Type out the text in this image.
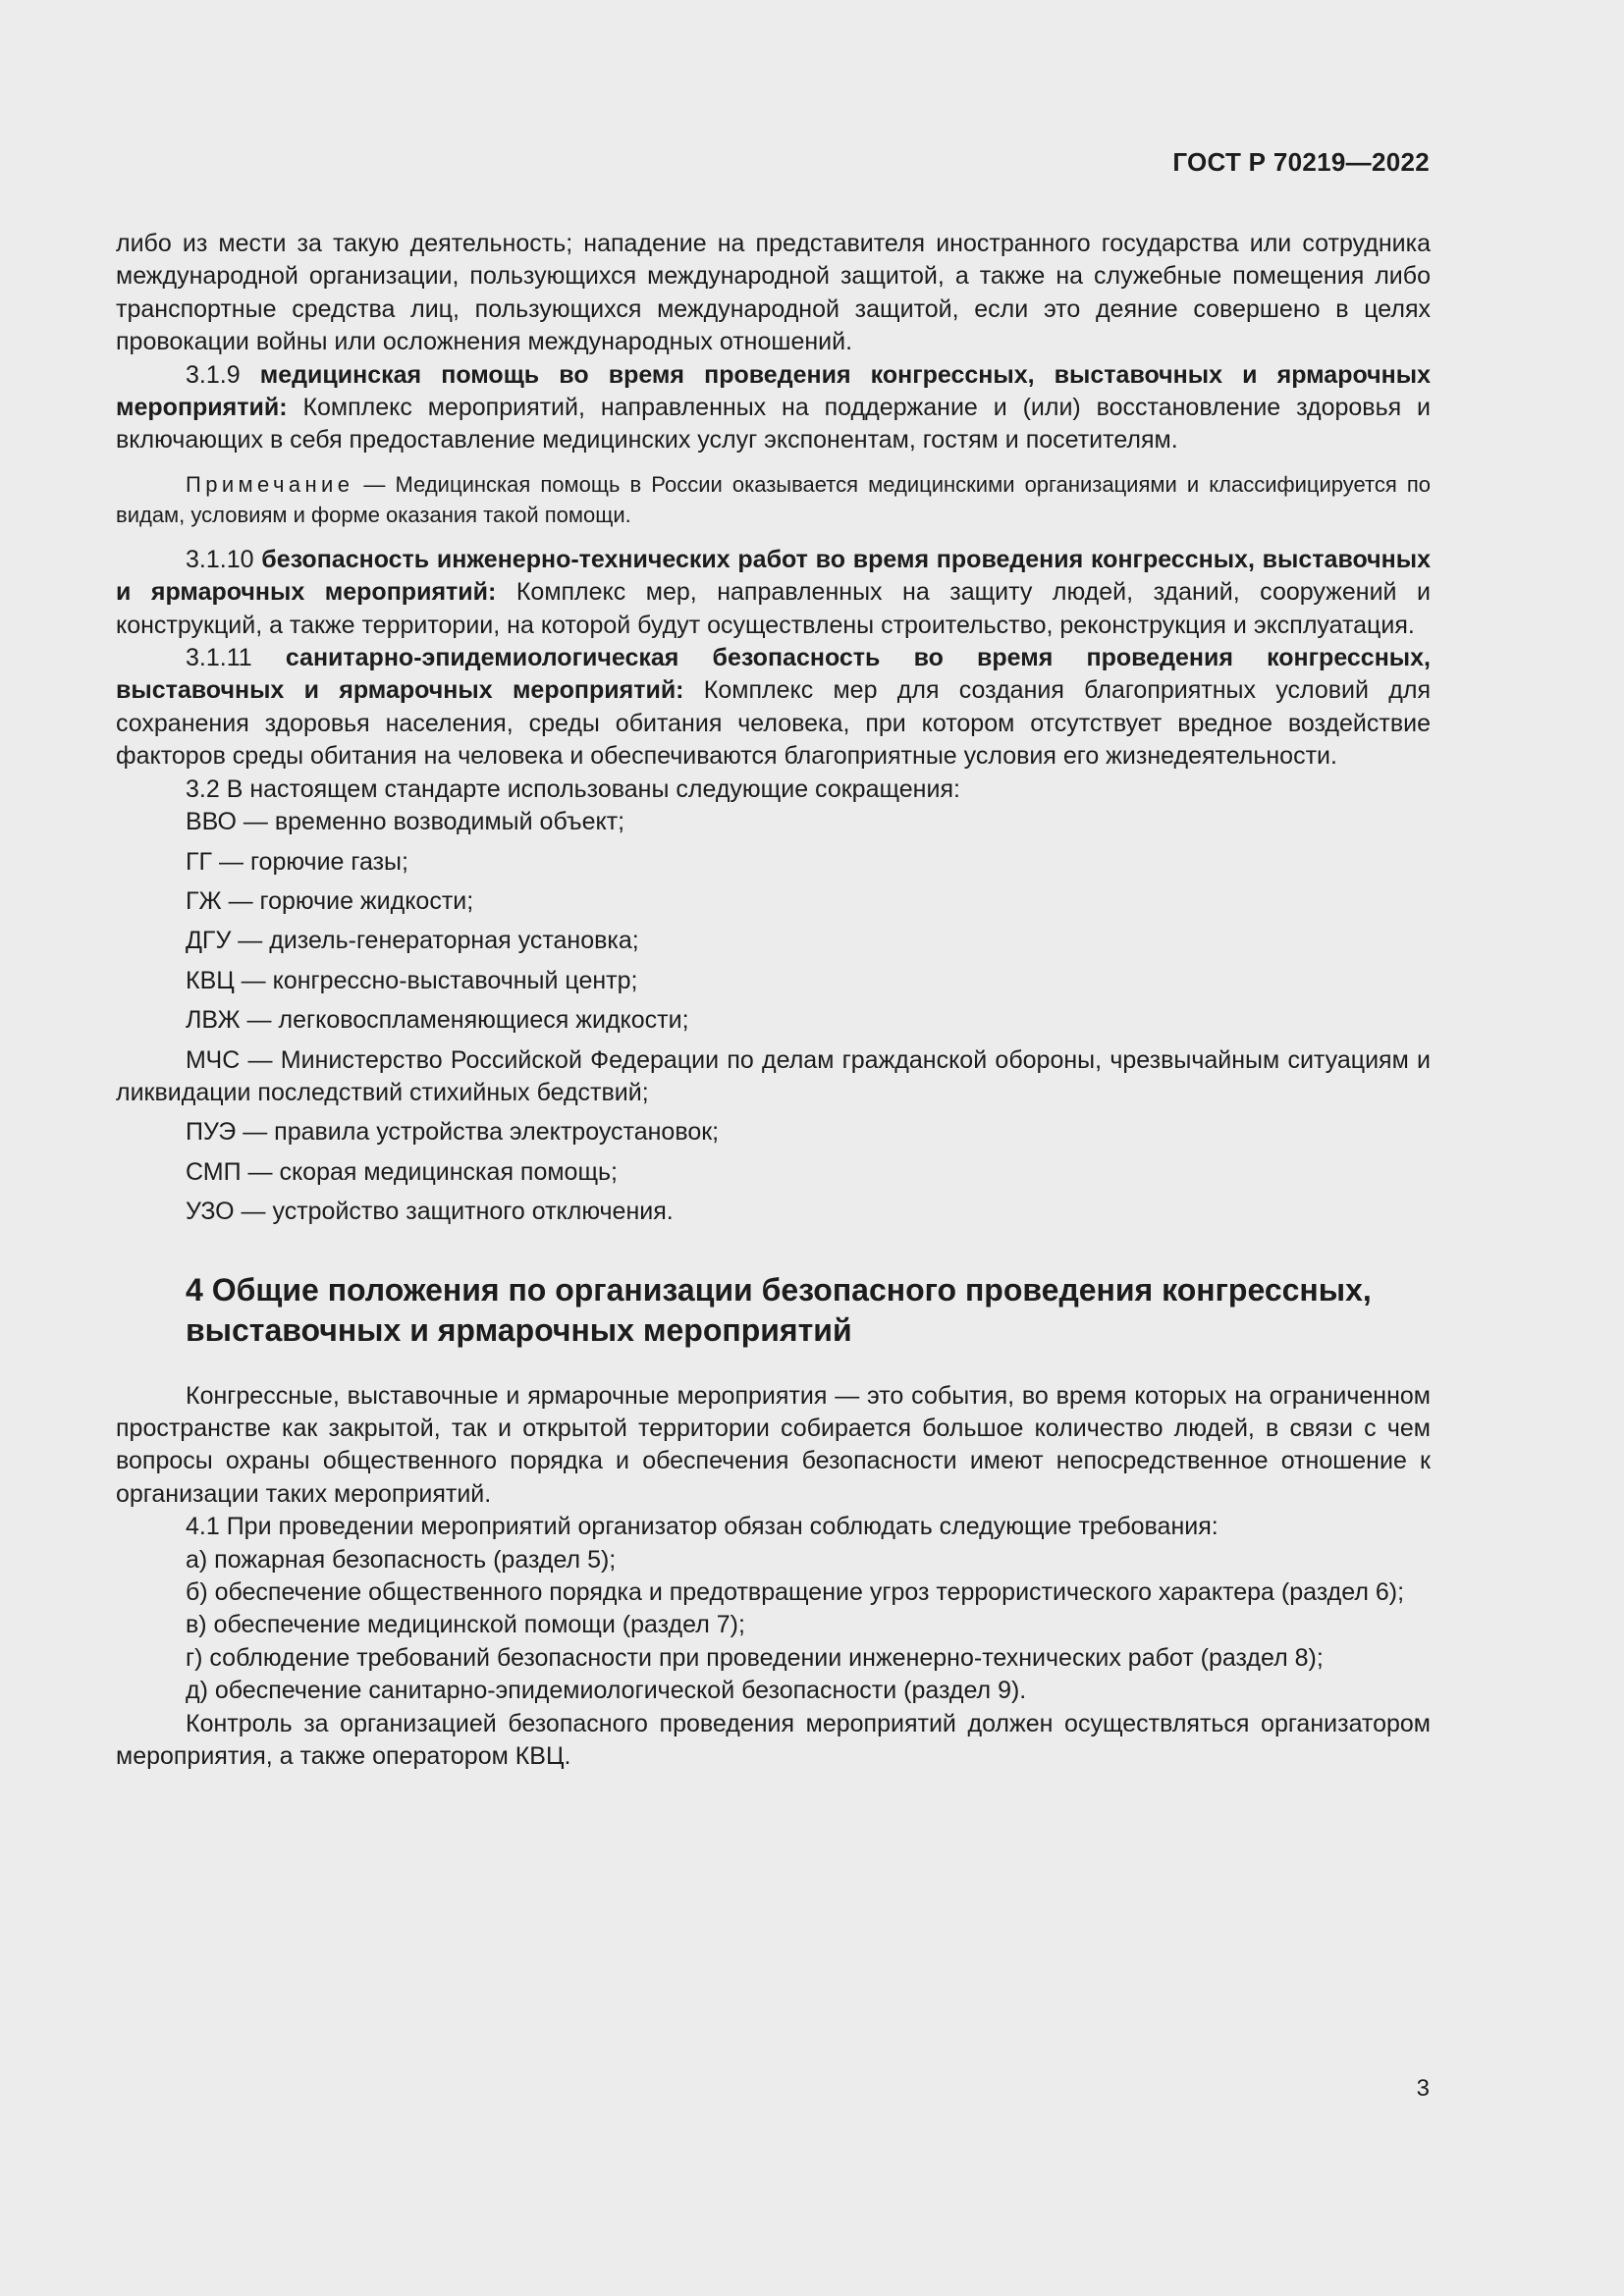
ГОСТ Р 70219—2022

либо из мести за такую деятельность; нападение на представителя иностранного государства или сотрудника международной организации, пользующихся международной защитой, а также на служебные помещения либо транспортные средства лиц, пользующихся международной защитой, если это деяние совершено в целях провокации войны или осложнения международных отношений.

3.1.9 медицинская помощь во время проведения конгрессных, выставочных и ярмарочных мероприятий: Комплекс мероприятий, направленных на поддержание и (или) восстановление здоровья и включающих в себя предоставление медицинских услуг экспонентам, гостям и посетителям.

Примечание — Медицинская помощь в России оказывается медицинскими организациями и классифицируется по видам, условиям и форме оказания такой помощи.

3.1.10 безопасность инженерно-технических работ во время проведения конгрессных, выставочных и ярмарочных мероприятий: Комплекс мер, направленных на защиту людей, зданий, сооружений и конструкций, а также территории, на которой будут осуществлены строительство, реконструкция и эксплуатация.

3.1.11 санитарно-эпидемиологическая безопасность во время проведения конгрессных, выставочных и ярмарочных мероприятий: Комплекс мер для создания благоприятных условий для сохранения здоровья населения, среды обитания человека, при котором отсутствует вредное воздействие факторов среды обитания на человека и обеспечиваются благоприятные условия его жизнедеятельности.

3.2 В настоящем стандарте использованы следующие сокращения:

ВВО — временно возводимый объект;

ГГ — горючие газы;

ГЖ — горючие жидкости;

ДГУ — дизель-генераторная установка;

КВЦ — конгрессно-выставочный центр;

ЛВЖ — легковоспламеняющиеся жидкости;

МЧС — Министерство Российской Федерации по делам гражданской обороны, чрезвычайным ситуациям и ликвидации последствий стихийных бедствий;

ПУЭ — правила устройства электроустановок;

СМП — скорая медицинская помощь;

УЗО — устройство защитного отключения.

4 Общие положения по организации безопасного проведения конгрессных, выставочных и ярмарочных мероприятий

Конгрессные, выставочные и ярмарочные мероприятия — это события, во время которых на ограниченном пространстве как закрытой, так и открытой территории собирается большое количество людей, в связи с чем вопросы охраны общественного порядка и обеспечения безопасности имеют непосредственное отношение к организации таких мероприятий.

4.1 При проведении мероприятий организатор обязан соблюдать следующие требования:

а) пожарная безопасность (раздел 5);

б) обеспечение общественного порядка и предотвращение угроз террористического характера (раздел 6);

в) обеспечение медицинской помощи (раздел 7);

г) соблюдение требований безопасности при проведении инженерно-технических работ (раздел 8);

д) обеспечение санитарно-эпидемиологической безопасности (раздел 9).

Контроль за организацией безопасного проведения мероприятий должен осуществляться организатором мероприятия, а также оператором КВЦ.

3
